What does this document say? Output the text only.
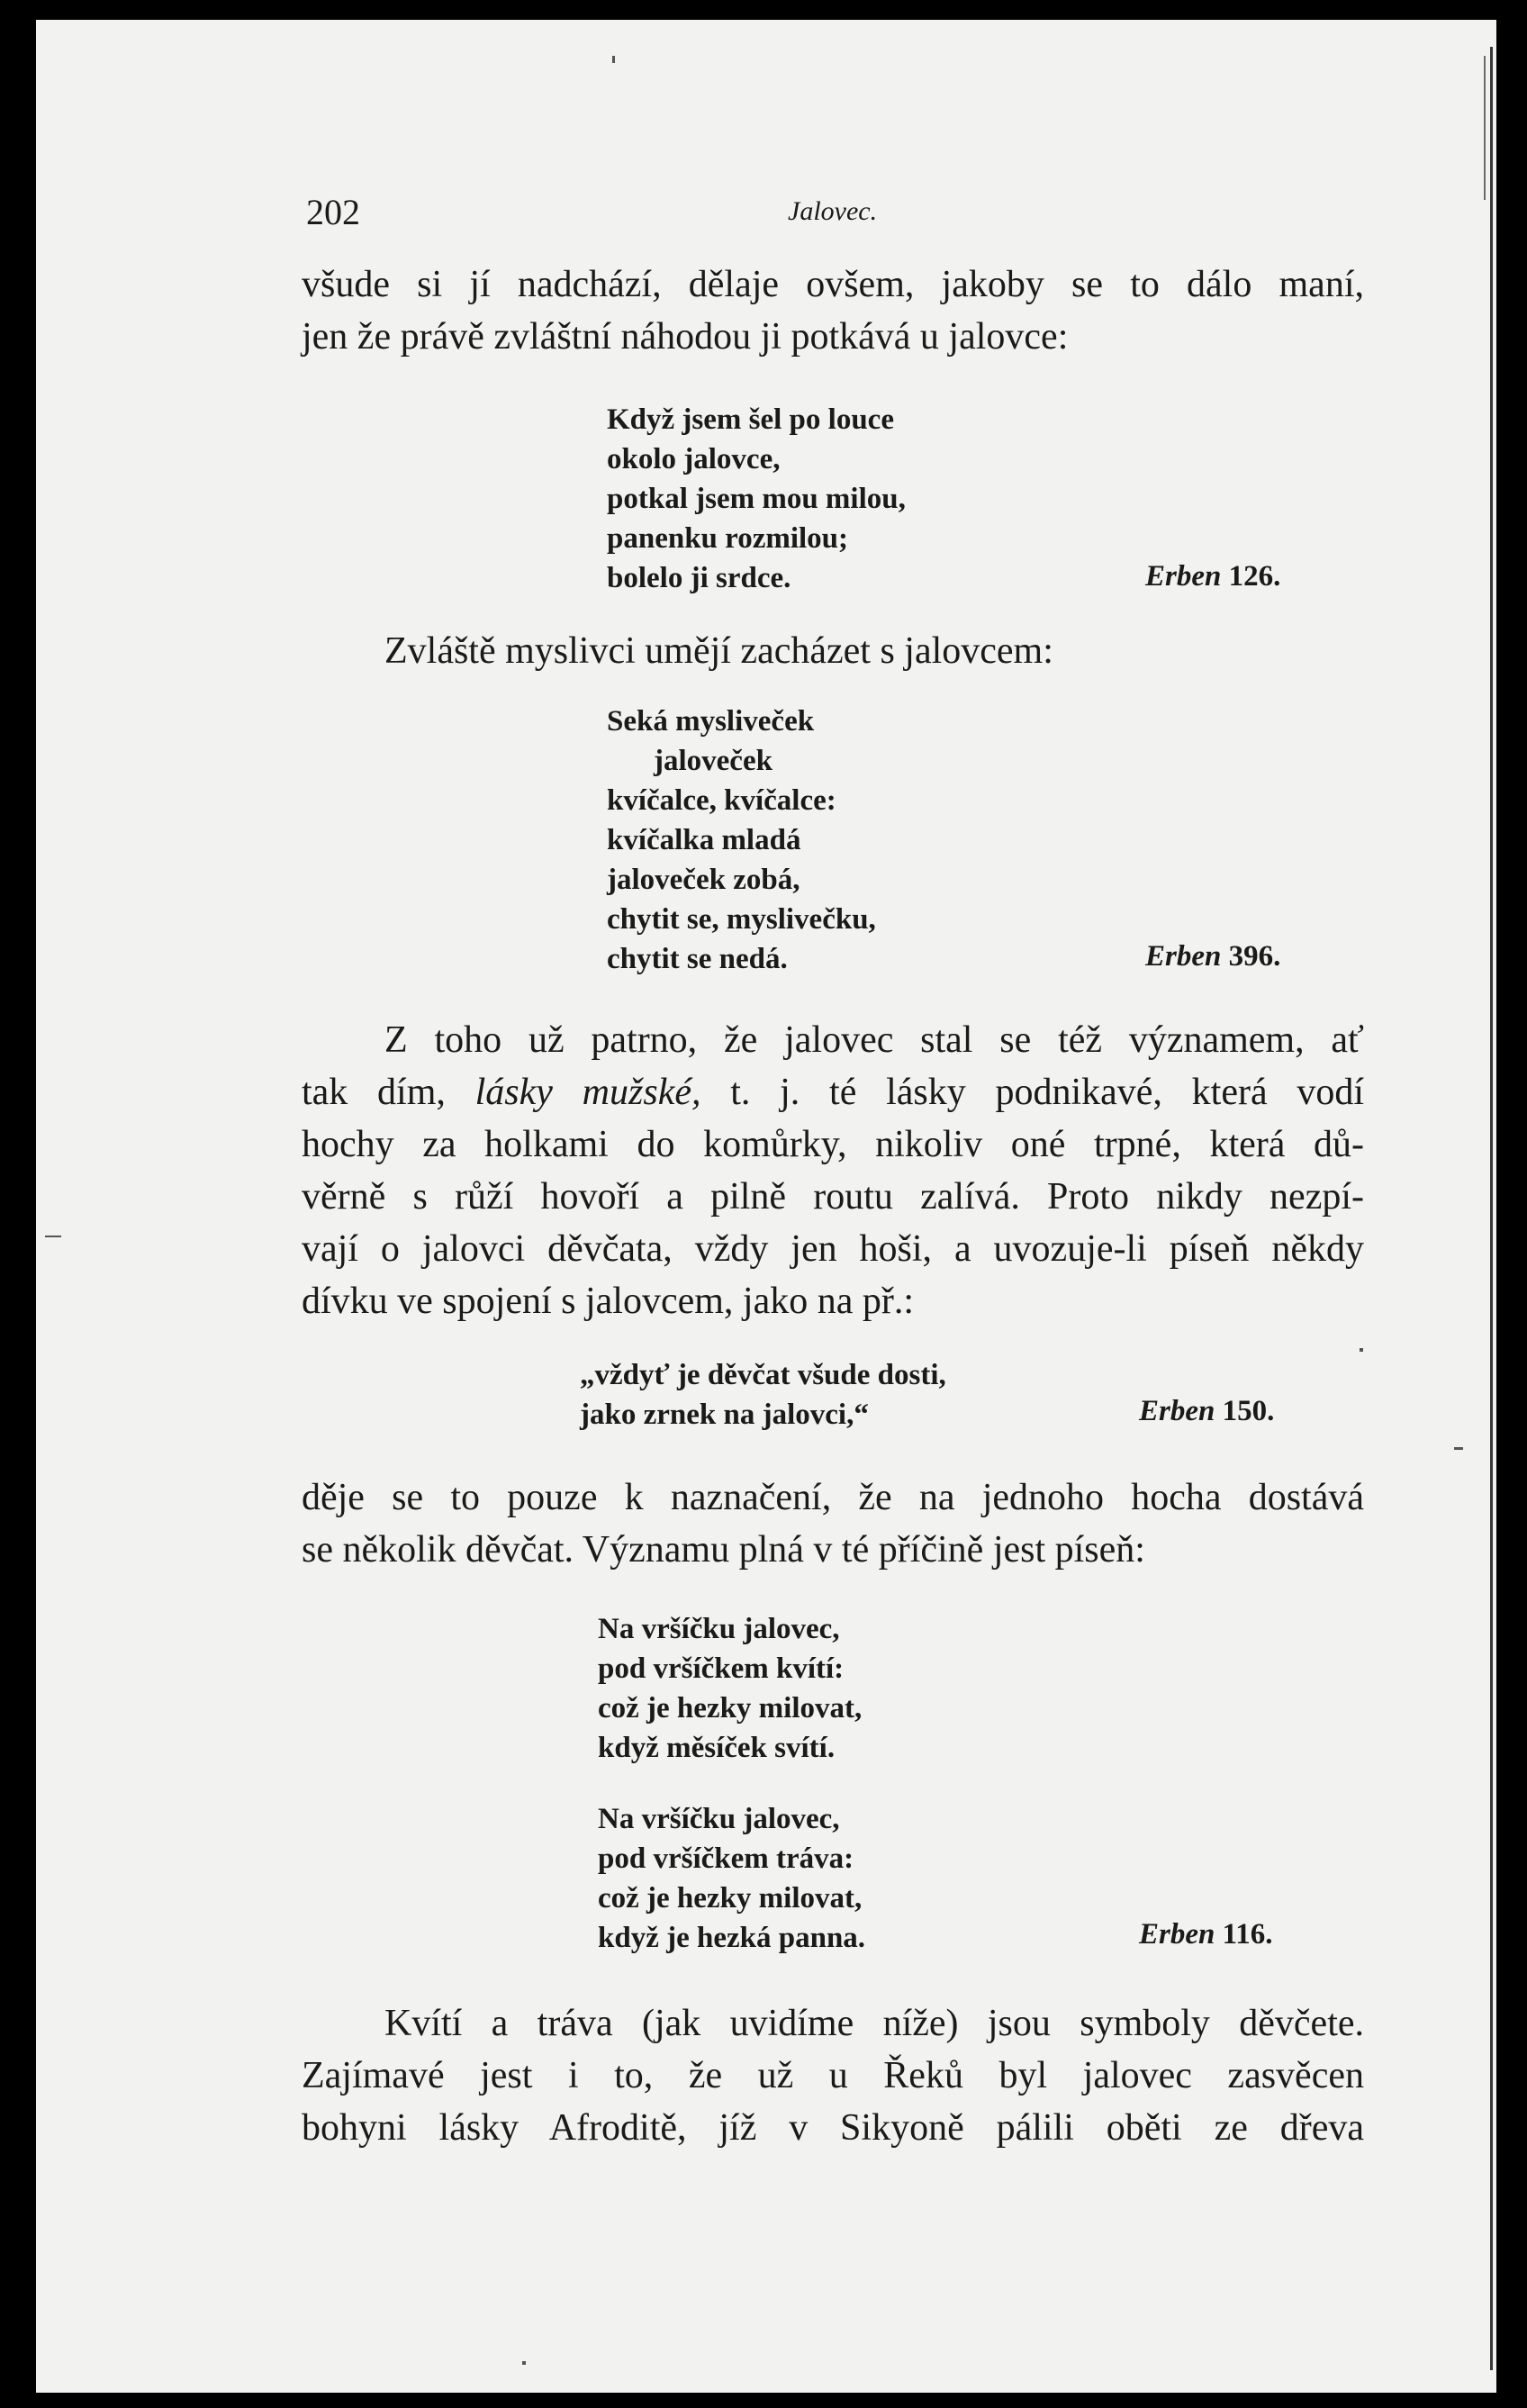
202	Jalovec.
všude si jí nadchází, dělaje ovšem, jakoby se to dálo maní,
jen že právě zvláštní náhodou ji potkává u jalovce:
Když jsem šel po louce
okolo jalovce,
potkal jsem mou milou,
panenku rozmilou;
bolelo ji srdce.	Erben 126.
Zvláště myslivci umějí zacházet s jalovcem:
Seká mysliveček
jaloveček
kvíčalce, kvíčalce:
kvíčalka mladá
jaloveček zobá,
chytit se, myslivečku,
chytit se nedá.	Erben 396.
Z toho už patrno, že jalovec stal se též významem, ať
tak dím, lásky mužské, t. j. té lásky podnikavé, která vodí
hochy za holkami do komůrky, nikoliv oné trpné, která dů-
věrně s růží hovoří a pilně routu zalívá. Proto nikdy nezpí-
vají o jalovci děvčata, vždy jen hoši, a uvozuje-li píseň někdy
dívku ve spojení s jalovcem, jako na př.:
„vždyť je děvčat všude dosti,
jako zrnek na jalovci,“	Erben 150.
děje se to pouze k naznačení, že na jednoho hocha dostává
se několik děvčat. Významu plná v té příčině jest píseň:
Na vršíčku jalovec,
pod vršíčkem kvítí:
což je hezky milovat,
když měsíček svítí.
Na vršíčku jalovec,
pod vršíčkem tráva:
což je hezky milovat,
když je hezká panna.	Erben 116.
Kvítí a tráva (jak uvidíme níže) jsou symboly děvčete.
Zajímavé jest i to, že už u Řeků byl jalovec zasvěcen
bohyni lásky Afroditě, jíž v Sikyoně pálili oběti ze dřeva
